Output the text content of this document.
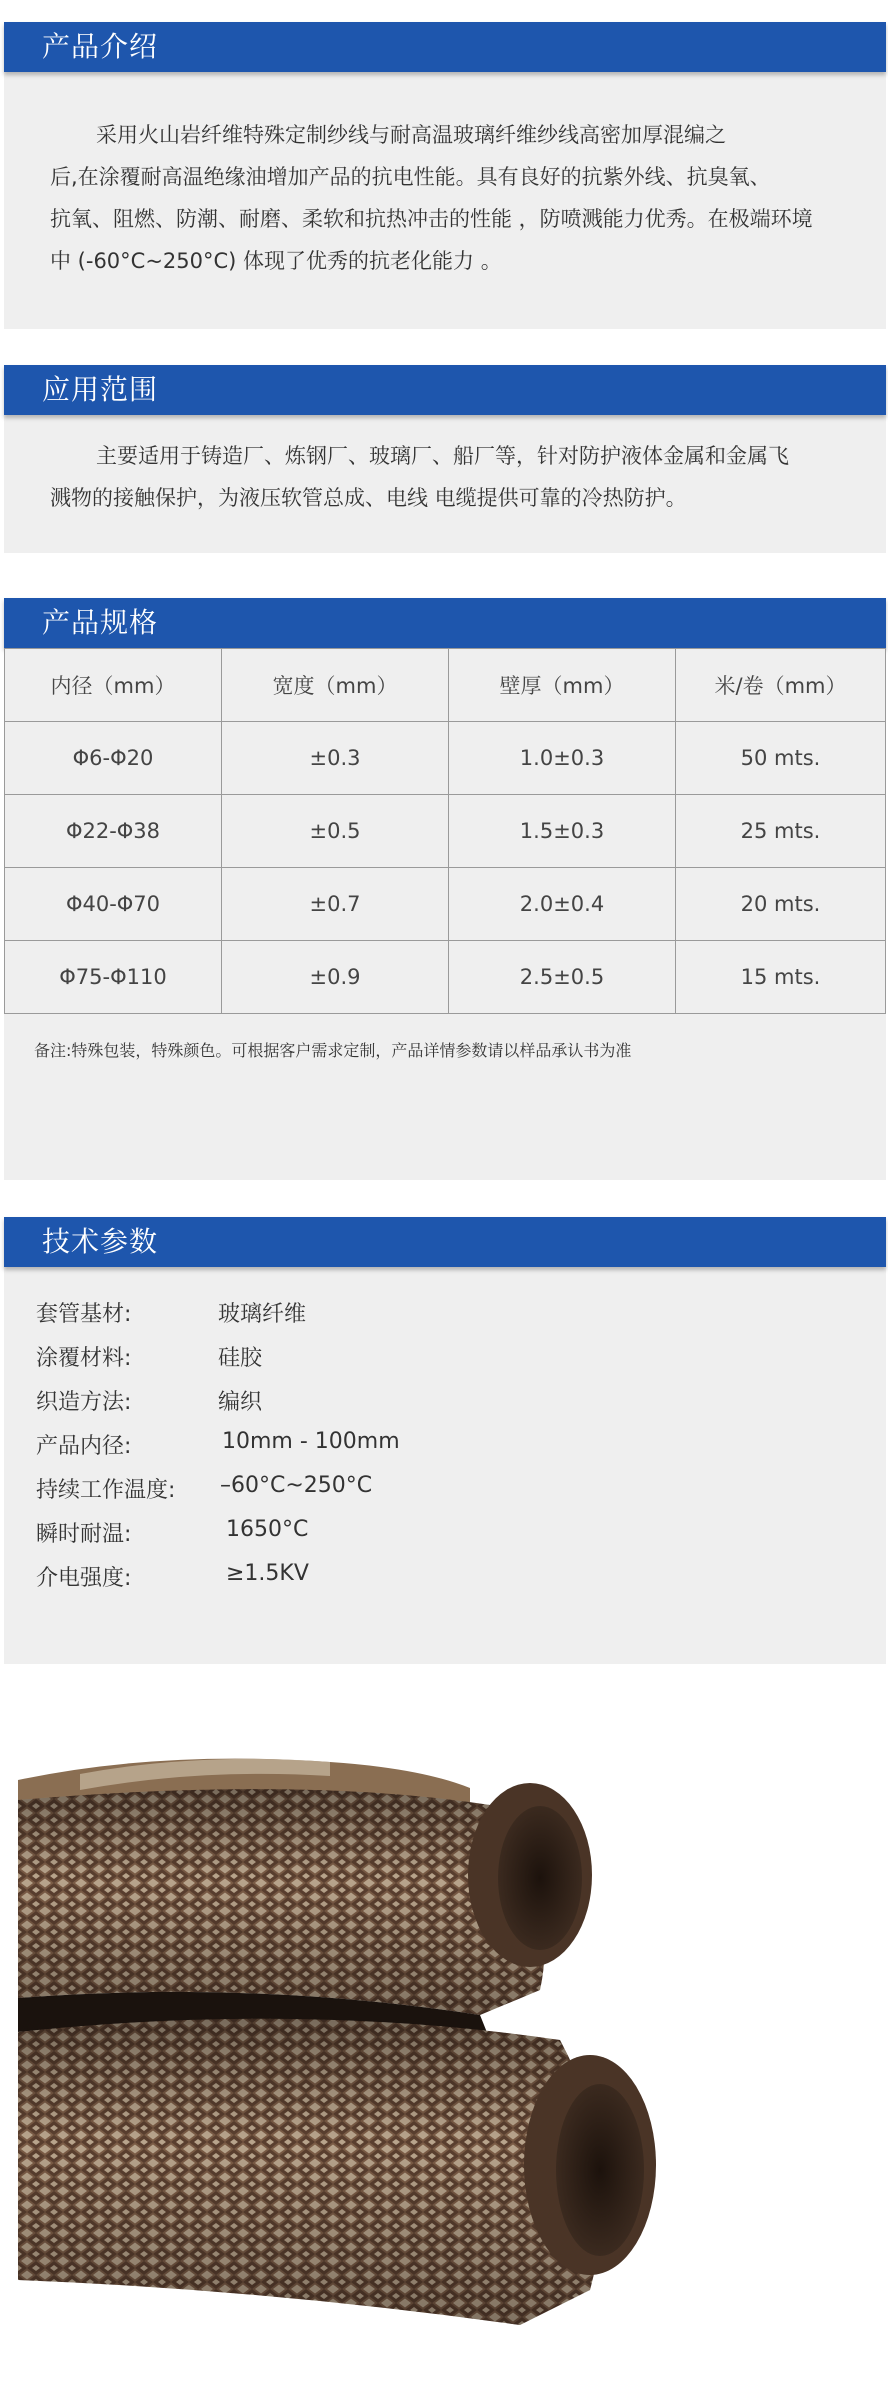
产品介绍
采用火山岩纤维特殊定制纱线与耐高温玻璃纤维纱线高密加厚混编之
后,在涂覆耐高温绝缘油增加产品的抗电性能。具有良好的抗紫外线、抗臭氧、
抗氧、阻燃、防潮、耐磨、柔软和抗热冲击的性能 ，防喷溅能力优秀。在极端环境
中 (-60°C~250°C) 体现了优秀的抗老化能力 。
应用范围
主要适用于铸造厂、炼钢厂、玻璃厂、船厂等，针对防护液体金属和金属飞
溅物的接触保护，为液压软管总成、电线 电缆提供可靠的冷热防护。
产品规格
内径（mm）	宽度（mm）	壁厚（mm）	米/卷（mm）
Φ6-Φ20	±0.3	1.0±0.3	50 mts.
Φ22-Φ38	±0.5	1.5±0.3	25 mts.
Φ40-Φ70	±0.7	2.0±0.4	20 mts.
Φ75-Φ110	±0.9	2.5±0.5	15 mts.
备注:特殊包装，特殊颜色。可根据客户需求定制，产品详情参数请以样品承认书为准
技术参数
套管基材:	玻璃纤维
涂覆材料:	硅胶
织造方法:	编织
产品内径:	10mm - 100mm
持续工作温度: –60°C~250°C
瞬时耐温:	1650°C
介电强度:	≥1.5KV
